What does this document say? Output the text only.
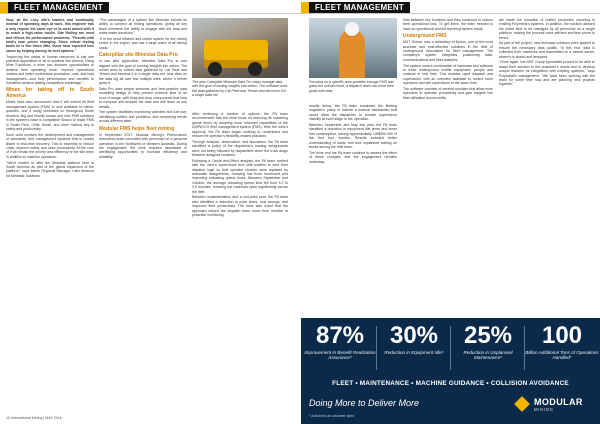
FLEET MANAGEMENT	FLEET MANAGEMENT

Now, all the Lucy site's loaders and continually instead of spending days at work, this engineer has a only require the same eye or to meet ardent with it to reach a high-value trucks. Site Rolling are need and effects for performance problems. "Results with total's loan prices changing. Since virtual testing tasks he is five times little, these have reported less saves by helping among its best options."

"Improving the status of human resources is just one practical application of all of systems like Ameca. Using Mine Functions, a mine can discover opportunities to achieve their operating more, improve operational metrics and better understand production, cost, and load management—and help performance and benefits to industries achieve lasting competitive advantage."

Mines for taking off to South America

Mines have also announced that it will extend its fleet management system (FMS) to new available to mines, quarries, and a rising constraint on throughout South America. Big and heavily known and new FMS solutions in the system's base is compatible Sinaco to make FMS in South Peru, Chile, Brazil, and other nations key to safety and productivity.

Such work involves the development and management of standards, and management systems that is closely linked to real-time recovery. This is essential to reduce costs, improve safety and raise productivity. At the core of it all remain the priority and efficiency of the site team in addition to machine operators.

"We're excited to offer the Minestar platform here in South America as part of the global expansion of the platform," says Mines Regional Manager, Latin America for Minestar Solutions.

"The advantages of a system like Minestar include its ability to connect all mining operations, giving all key team members the ability to engage with the data and make faster decisions."

"It is the most efficient and useful system for the mining sector in the region, and has a large share of all mining loads."

Caterpillar site Minestar Data Pro

In one pilot application, Minestar Data Pro is now aligned with the goal of forming insights into action. The model aims to collect data gathered by Cat Fleet and Terrain and become it in a single data set, nine sites on the data log all over this multiple sites, where it before gives it.

Data Pro uses simple schemas and best-practice data modelling design to help prevent extreme time to an hour of usage, with drag-and-drop components that help to compare and analyse the data and drill down on key details.

The system facilitates monitoring activities and fuel use, identifying outliers and problems, and comparing trends across different sites.

Modular FMS helps fleet mining

In September 2017, Modular Mining's Performance Assurance team consulted with personnel on a personal operation in the Northwest of Western Australia. During the engagement, the mine required assistance in identifying opportunities to increase efficiency and reliability.

The new Caterpillar Minestar Data Pro helps manage data with the goal of turning insights into action. The software uses the data gathered by Cat Fleet and Terrain and becomes it in a single data set

After reviewing a number of options, the PA team recommended that the mine focus on reducing its unloading queue times by adopting more informed capabilities of the DISPATCH fleet management system (FMS). With the mine's approval, the PA team began working to understand and reduce the operator's flexibility-related practices.

Through analysis, observation, and discussion, the PA team identified a policy of the dispatcher's loading assignments were not being followed by dispatchers when the truck drags between assigned locations.

Following a Cause-and-Effect analysis, the PA team worked with the mine's supervisors and shift leaders to tune their dispatch logic so that operator choices were replaced by automatic assignments, reducing lost truck movement and improving unloading queue times. Between September and October, the average unloading queue time fell from 5.2 to 3.5 minutes, reducing the load/haul cycle significantly across the fleet.

Between implementation and a mid-point year, the PA team also identified a reduction in cycle times, cost savings, and improved fleet productivity. The mine also noted that the approach helped the dispatch team move from reactive to proactive monitoring.

Focusing on a specific area provides enough FMS and gains the overall result, a dispatch team can meet their goals with data.

results below, the PA team expanded the fleeting engineer's policy to include a manual mechanism that would allow the dispatcher to provide supervisory visibility at each stage of the operation.

Between September and May this year, the PA team identified a reduction in equipment idle times and lower fuel consumption, saving approximately US$500,000 in the first four months. Results included better understanding of loads, and less unplanned waiting on trucks among the shift team.

The mine and the PA team continue to assess the effect of these changes, and the engagement remains underway.

time between key functions and they continued to reduce their operational loss. To get there, the team needed to have an operational and full reporting system ready.

Underground FMS

MST Global, now a subsidiary of Epiroc, one of the most accurate and cost-effective solutions in the field of underground information for fleet management. The company's system integrates positioning data, communications and fleet analytics.

The system uses a combination of hardware and software to track underground mobile equipment, people and material in real time. This enables rapid dispatch and supervision, with an overview available to control room operators and site supervisors at the same time.

The software consists of several modules that allow mine operators to optimise productivity and gain insights into fleet utilisation across shifts.

ate made the formation of unified production reporting in existing Polymetal's systems. In addition, the solution allowed the entire fleet to be managed by all personnel on a single platform, making the process more efficient and less prone to errors.

As part of the project, new technical solutions were applied to ensure the necessary data quality. To this end, data is collected from machines and transmitted to a central server, where it is stored and analysed.

"Once again, the MST Group specialists proved to be able to adapt their solution to the customer's needs and to develop unique features for integration with existing systems," says Polymetal's management. "We have been working with the team for some time now and are planning new projects together."

87%
Improvement in Benefit Realization Assurance*
30%
Reduction in Equipment Idle*
25%
Reduction in Unplanned Maintenance*
100
Billion Additional Tons of Operations Handled*
FLEET • MAINTENANCE • MACHINE GUIDANCE • COLLISION AVOIDANCE
Doing More to Deliver More	MODULAR
MINING
* Achieved at customer sites
10 International Mining | MAY 2018
